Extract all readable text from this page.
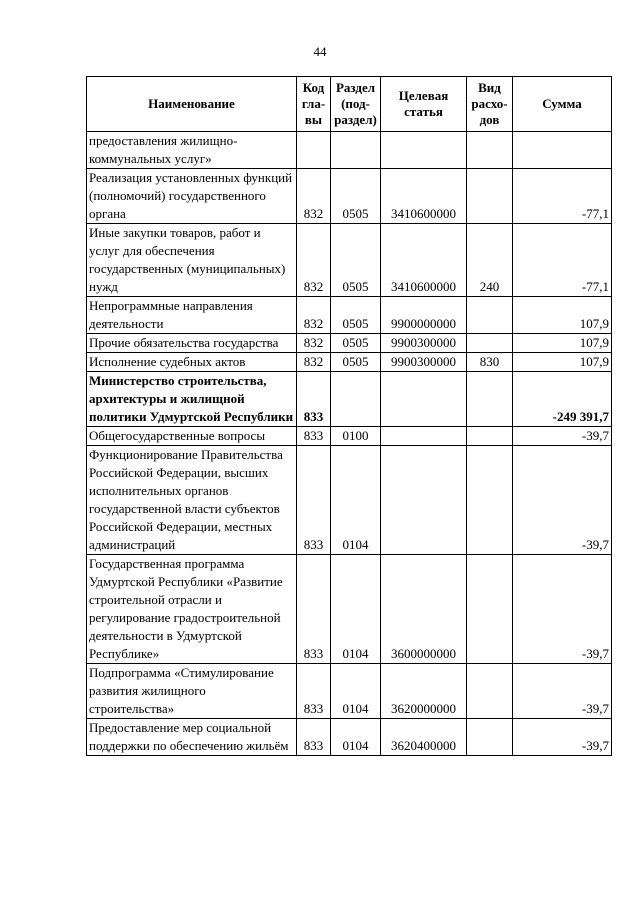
44
Наименование	Код гла-вы	Раздел (под-раздел)	Целевая статья	Вид расхо-дов	Сумма
предоставления жилищно-коммунальных услуг»					
Реализация установленных функций (полномочий) государственного органа	832	0505	3410600000		-77,1
Иные закупки товаров, работ и услуг для обеспечения государственных (муниципальных) нужд	832	0505	3410600000	240	-77,1
Непрограммные направления деятельности	832	0505	9900000000		107,9
Прочие обязательства государства	832	0505	9900300000		107,9
Исполнение судебных актов	832	0505	9900300000	830	107,9
Министерство строительства, архитектуры и жилищной политики Удмуртской Республики	833				-249 391,7
Общегосударственные вопросы	833	0100			-39,7
Функционирование Правительства Российской Федерации, высших исполнительных органов государственной власти субъектов Российской Федерации, местных администраций	833	0104			-39,7
Государственная программа Удмуртской Республики «Развитие строительной отрасли и регулирование градостроительной деятельности в Удмуртской Республике»	833	0104	3600000000		-39,7
Подпрограмма «Стимулирование развития жилищного строительства»	833	0104	3620000000		-39,7
Предоставление мер социальной поддержки по обеспечению жильём	833	0104	3620400000		-39,7
